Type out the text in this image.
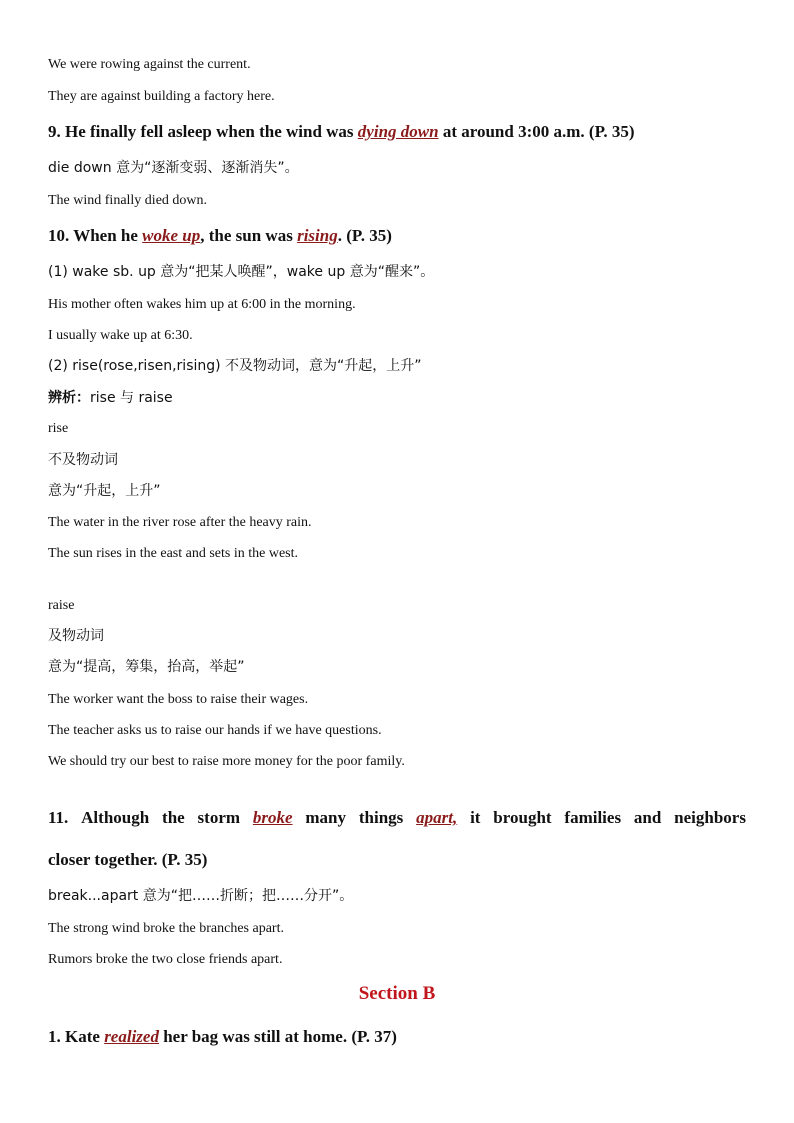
We were rowing against the current.
They are against building a factory here.
9. He finally fell asleep when the wind was dying down at around 3:00 a.m. (P. 35)
die down 意为“逐渐变弱、逐渐消失”。
The wind finally died down.
10. When he woke up, the sun was rising. (P. 35)
(1) wake sb. up 意为“把某人唤醒”，wake up 意为“醒来”。
His mother often wakes him up at 6:00 in the morning.
I usually wake up at 6:30.
(2) rise(rose,risen,rising) 不及物动词，意为“升起，上升”
辨析：rise 与 raise
rise
不及物动词
意为“升起，上升”
The water in the river rose after the heavy rain.
The sun rises in the east and sets in the west.
raise
及物动词
意为“提高，筹集，抬高，举起”
The worker want the boss to raise their wages.
The teacher asks us to raise our hands if we have questions.
We should try our best to raise more money for the poor family.
11. Although the storm broke many things apart, it brought families and neighbors
closer together. (P. 35)
break...apart 意为“把……折断；把……分开”。
The strong wind broke the branches apart.
Rumors broke the two close friends apart.
Section B
1. Kate realized her bag was still at home. (P. 37)
